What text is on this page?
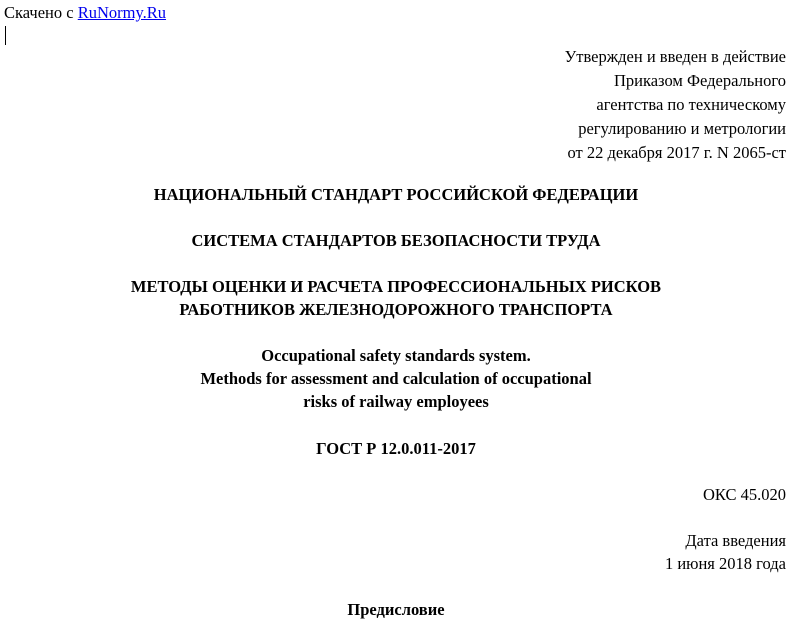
Скачено с RuNormy.Ru
Утвержден и введен в действие
Приказом Федерального
агентства по техническому
регулированию и метрологии
от 22 декабря 2017 г. N 2065-ст
НАЦИОНАЛЬНЫЙ СТАНДАРТ РОССИЙСКОЙ ФЕДЕРАЦИИ
СИСТЕМА СТАНДАРТОВ БЕЗОПАСНОСТИ ТРУДА
МЕТОДЫ ОЦЕНКИ И РАСЧЕТА ПРОФЕССИОНАЛЬНЫХ РИСКОВ
РАБОТНИКОВ ЖЕЛЕЗНОДОРОЖНОГО ТРАНСПОРТА
Occupational safety standards system.
Methods for assessment and calculation of occupational
risks of railway employees
ГОСТ Р 12.0.011-2017
ОКС 45.020
Дата введения
1 июня 2018 года
Предисловие
